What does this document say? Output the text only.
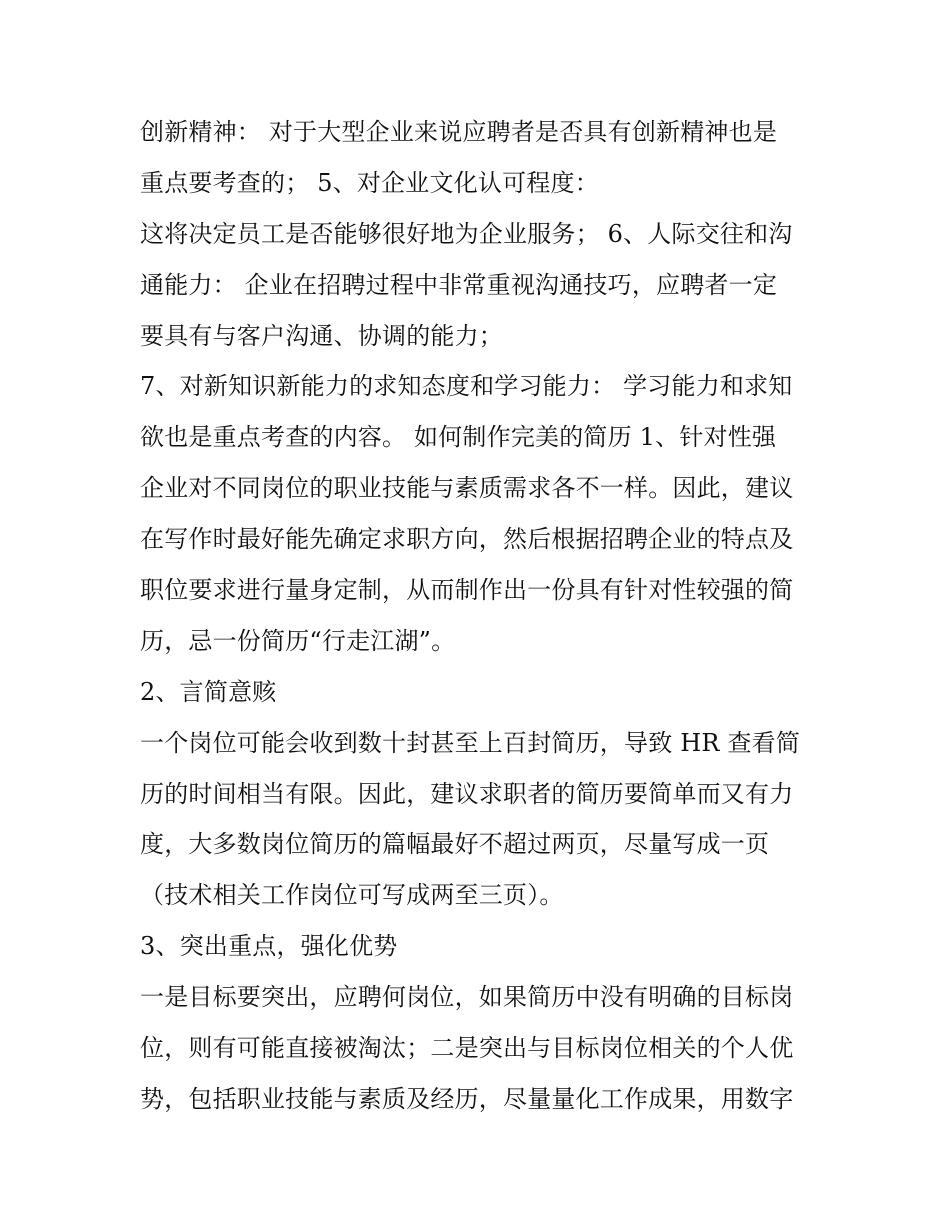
创新精神： 对于大型企业来说应聘者是否具有创新精神也是
重点要考查的； 5、对企业文化认可程度：
这将决定员工是否能够很好地为企业服务； 6、人际交往和沟
通能力： 企业在招聘过程中非常重视沟通技巧，应聘者一定
要具有与客户沟通、协调的能力；
7、对新知识新能力的求知态度和学习能力： 学习能力和求知
欲也是重点考查的内容。 如何制作完美的简历 1、针对性强
企业对不同岗位的职业技能与素质需求各不一样。因此，建议
在写作时最好能先确定求职方向，然后根据招聘企业的特点及
职位要求进行量身定制，从而制作出一份具有针对性较强的简
历，忌一份简历“行走江湖”。
2、言简意赅
一个岗位可能会收到数十封甚至上百封简历，导致 HR 查看简
历的时间相当有限。因此，建议求职者的简历要简单而又有力
度，大多数岗位简历的篇幅最好不超过两页，尽量写成一页
（技术相关工作岗位可写成两至三页）。
3、突出重点，强化优势
一是目标要突出，应聘何岗位，如果简历中没有明确的目标岗
位，则有可能直接被淘汰；二是突出与目标岗位相关的个人优
势，包括职业技能与素质及经历，尽量量化工作成果，用数字
